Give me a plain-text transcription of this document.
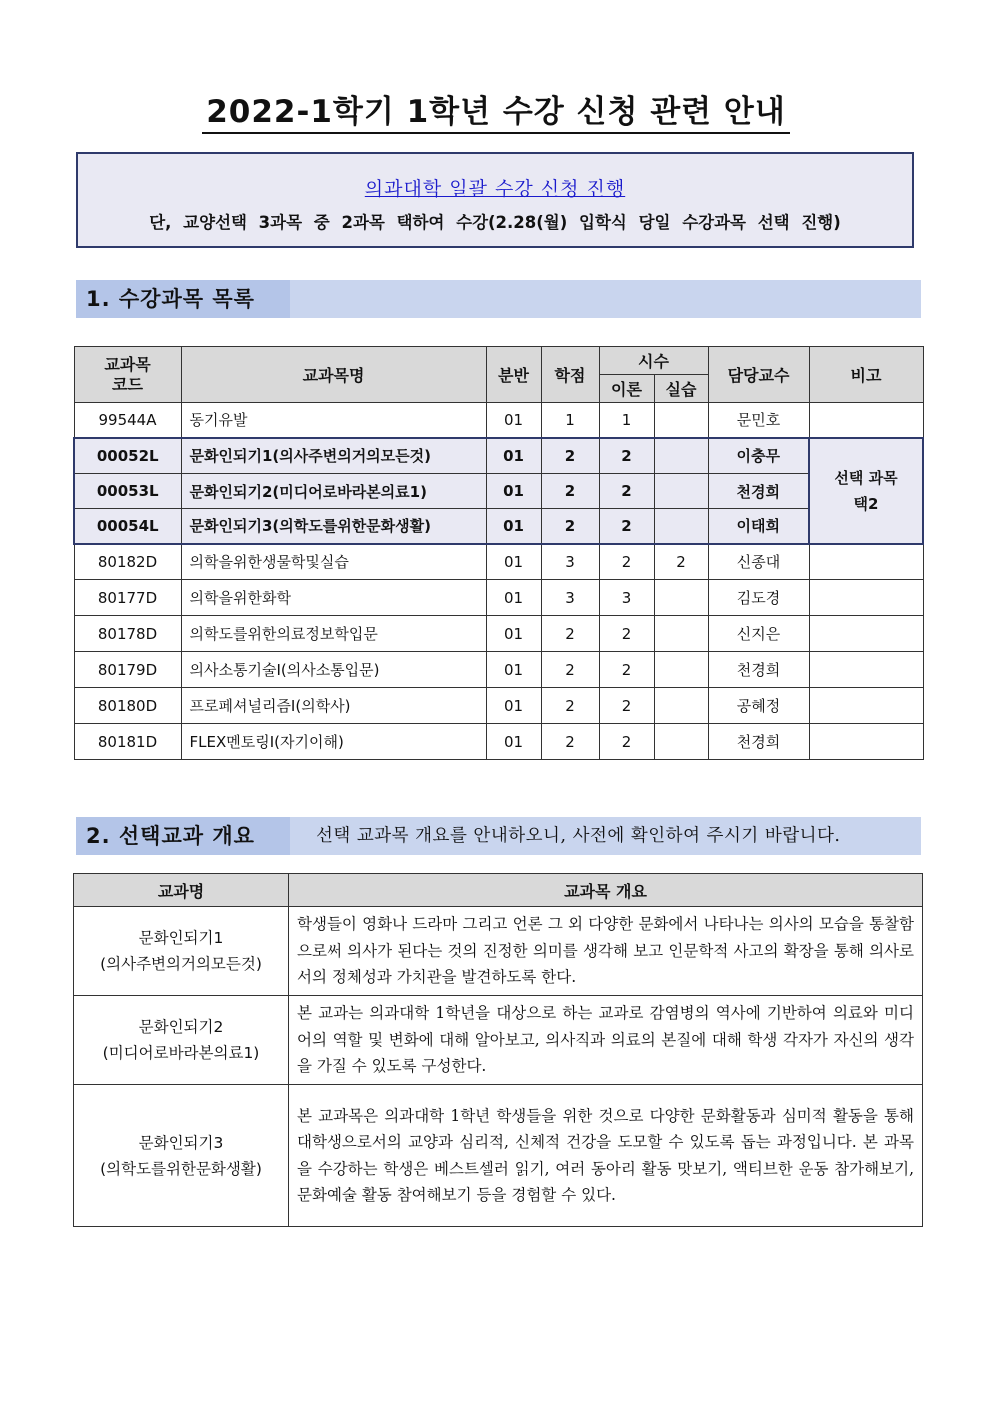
2022-1학기 1학년 수강 신청 관련 안내
의과대학 일괄 수강 신청 진행
단, 교양선택 3과목 중 2과목 택하여 수강(2.28(월) 입학식 당일 수강과목 선택 진행)
1. 수강과목 목록
교과목
코드	교과목명	분반	학점	시수		담당교수	비고
				이론	실습		
99544A	동기유발	01	1	1		문민호	
00052L	문화인되기1(의사주변의거의모든것)	01	2	2		이충무	선택 과목
택2

00053L	문화인되기2(미디어로바라본의료1)	01	2	2		천경희	
00054L	문화인되기3(의학도를위한문화생활)	01	2	2		이태희	
80182D	의학을위한생물학및실습	01	3	2	2	신종대	
80177D	의학을위한화학	01	3	3		김도경	
80178D	의학도를위한의료정보학입문	01	2	2		신지은	
80179D	의사소통기술Ⅰ(의사소통입문)	01	2	2		천경희	
80180D	프로페셔널리즘Ⅰ(의학사)	01	2	2		공혜정	
80181D	FLEX멘토링Ⅰ(자기이해)	01	2	2		천경희	
2. 선택교과 개요	선택 교과목 개요를 안내하오니, 사전에 확인하여 주시기 바랍니다.
교과명	교과목 개요

문화인되기1
(의사주변의거의모든것)	학생들이 영화나 드라마 그리고 언론 그 외 다양한 문화에서 나타나는 의사의 모습을 통찰함으로써 의사가 된다는 것의 진정한 의미를 생각해 보고 인문학적 사고의 확장을 통해 의사로서의 정체성과 가치관을 발견하도록 한다.

문화인되기2
(미디어로바라본의료1)	본 교과는 의과대학 1학년을 대상으로 하는 교과로 감염병의 역사에 기반하여 의료와 미디어의 역할 및 변화에 대해 알아보고, 의사직과 의료의 본질에 대해 학생 각자가 자신의 생각을 가질 수 있도록 구성한다.

문화인되기3
(의학도를위한문화생활)	본 교과목은 의과대학 1학년 학생들을 위한 것으로 다양한 문화활동과 심미적 활동을 통해 대학생으로서의 교양과 심리적, 신체적 건강을 도모할 수 있도록 돕는 과정입니다. 본 과목을 수강하는 학생은 베스트셀러 읽기, 여러 동아리 활동 맛보기, 액티브한 운동 참가해보기, 문화예술 활동 참여해보기 등을 경험할 수 있다.
